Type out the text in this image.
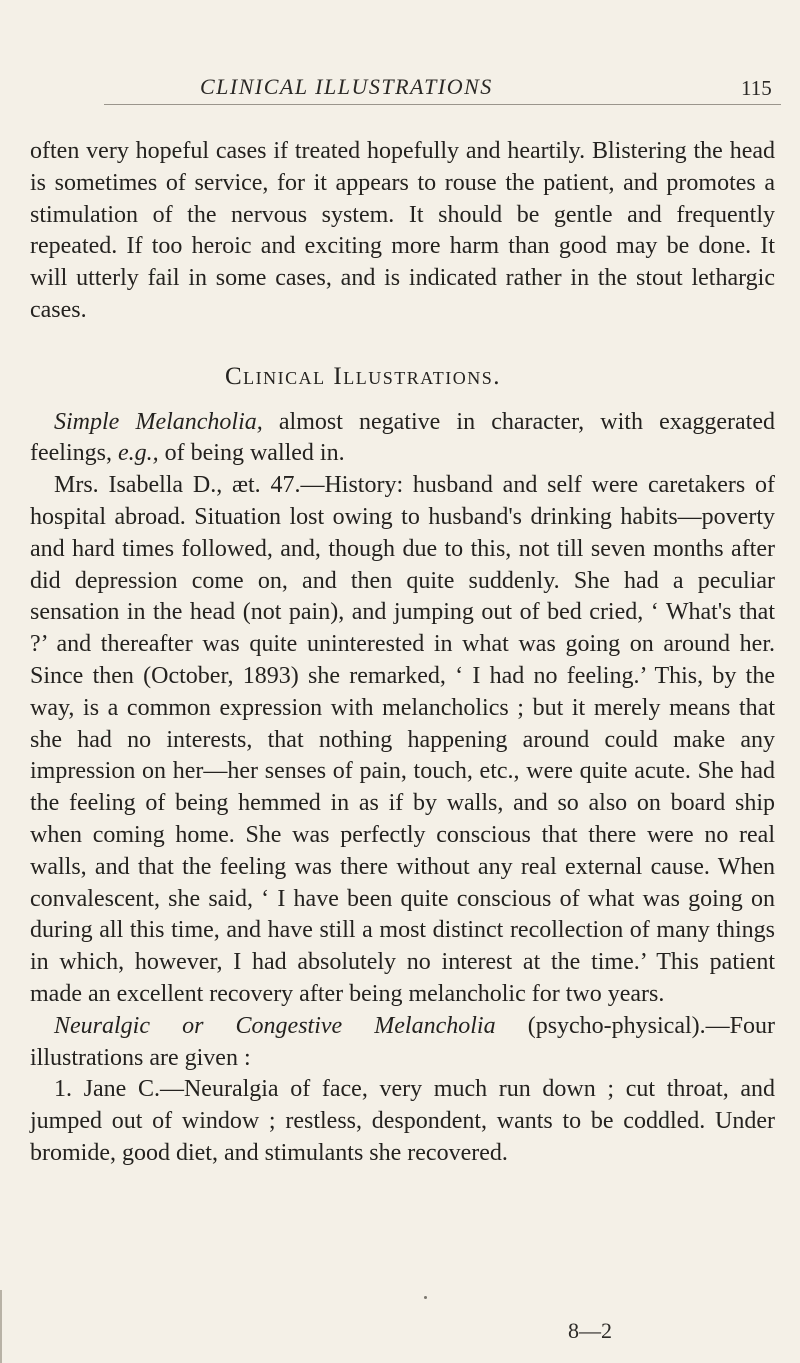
CLINICAL ILLUSTRATIONS	115

often very hopeful cases if treated hopefully and heartily. Blistering the head is sometimes of service, for it appears to rouse the patient, and promotes a stimulation of the nervous system. It should be gentle and frequently repeated. If too heroic and exciting more harm than good may be done. It will utterly fail in some cases, and is indicated rather in the stout lethargic cases.

Clinical Illustrations.

Simple Melancholia, almost negative in character, with exaggerated feelings, e.g., of being walled in.

Mrs. Isabella D., æt. 47.—History: husband and self were caretakers of hospital abroad. Situation lost owing to husband's drinking habits—poverty and hard times followed, and, though due to this, not till seven months after did depression come on, and then quite suddenly. She had a peculiar sensation in the head (not pain), and jumping out of bed cried, ‘ What's that ?’ and thereafter was quite uninterested in what was going on around her. Since then (October, 1893) she remarked, ‘ I had no feeling.’ This, by the way, is a common expression with melancholics ; but it merely means that she had no interests, that nothing happening around could make any impression on her—her senses of pain, touch, etc., were quite acute. She had the feeling of being hemmed in as if by walls, and so also on board ship when coming home. She was perfectly conscious that there were no real walls, and that the feeling was there without any real external cause. When convalescent, she said, ‘ I have been quite conscious of what was going on during all this time, and have still a most distinct recollection of many things in which, however, I had absolutely no interest at the time.’ This patient made an excellent recovery after being melancholic for two years.

Neuralgic or Congestive Melancholia (psycho-physical).—Four illustrations are given :

1. Jane C.—Neuralgia of face, very much run down ; cut throat, and jumped out of window ; restless, despondent, wants to be coddled. Under bromide, good diet, and stimulants she recovered.

8—2
